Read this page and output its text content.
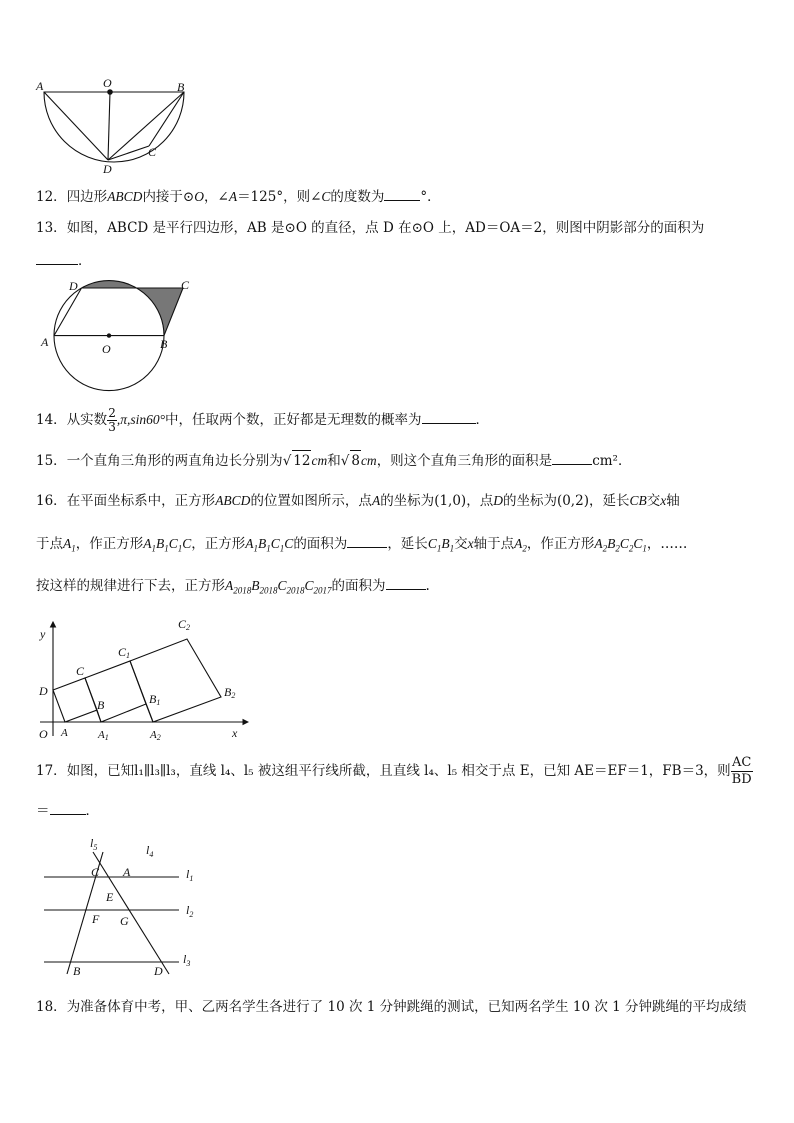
A	O	B
C
D
12．四边形ABCD内接于⊙O，∠A＝125°，则∠C的度数为	°．
13．如图，ABCD 是平行四边形，AB 是⊙O 的直径，点 D 在⊙O 上，AD＝OA＝2，则图中阴影部分的面积为
．
A	B
C
D
O
14．从实数 $\frac{2}{3} ,\pi,\sin 60^\circ$中，任取两个数，正好都是无理数的概率为	．
15．一个直角三角形的两直角边长分别为√ 12cm和√ 8cm，则这个直角三角形的面积是	cm²．
16．在平面坐标系中，正方形ABCD的位置如图所示，点A的坐标为(1,0)，点D的坐标为(0,2)，延长CB交x轴
于点$A_1$，作正方形$A_1B_1C_1C$，正方形$A_1B_1C_1C$的面积为	，延长$C_1B_1$交x轴于点$A_2$，作正方形$A_2B_2C_2C_1$，……
按这样的规律进行下去，正方形$A_{2018}B_{2018}C_{2018}C_{2017}$的面积为	.
y
x
O A	A1	A2
D
C
B
C1
B1
C2
B2
17．如图，已知l₁∥l₃∥l₃，直线 l₄、l₅ 被这组平行线所截，且直线 l₄、l₅ 相交于点 E，已知 AE＝EF＝1，FB＝3，则 $\frac{AC}{BD}$
＝	．
$l_5$	$l_4$
$l_1$
$l_2$
$l_3$
C A
E
F G
B	D
18．为准备体育中考，甲、乙两名学生各进行了 10 次 1 分钟跳绳的测试，已知两名学生 10 次 1 分钟跳绳的平均成绩
